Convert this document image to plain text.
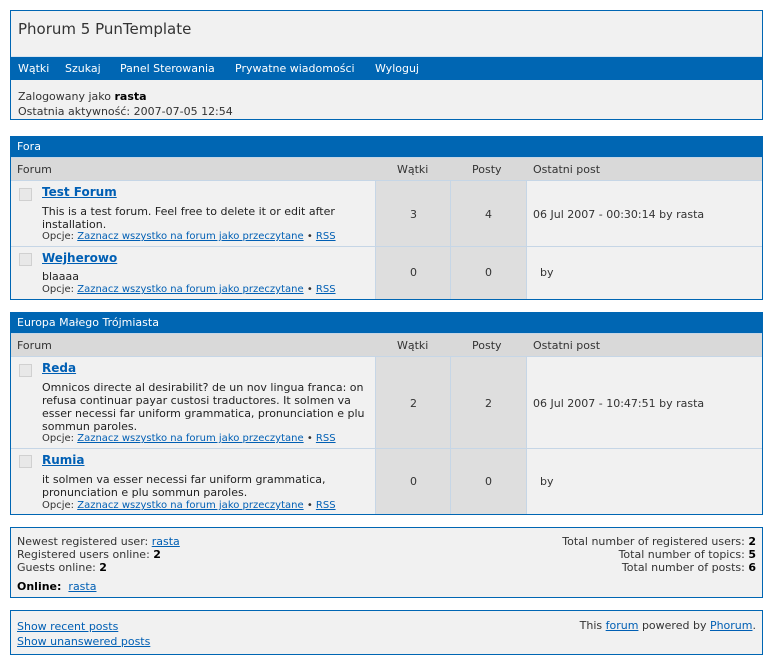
Phorum 5 PunTemplate
Wątki Szukaj Panel Sterowania Prywatne wiadomości Wyloguj
Zalogowany jako rasta
Ostatnia aktywność: 2007-07-05 12:54
Fora
Forum	Wątki	Posty	Ostatni post
Test Forum
This is a test forum. Feel free to delete it or edit after installation.
Opcje: Zaznacz wszystko na forum jako przeczytane • RSS
3	4	06 Jul 2007 - 00:30:14 by rasta
Wejherowo
blaaaa
Opcje: Zaznacz wszystko na forum jako przeczytane • RSS
0	0	by
Europa Małego Trójmiasta
Forum	Wątki	Posty	Ostatni post
Reda
Omnicos directe al desirabilit? de un nov lingua franca: on refusa continuar payar custosi traductores. It solmen va esser necessi far uniform grammatica, pronunciation e plu sommun paroles.
Opcje: Zaznacz wszystko na forum jako przeczytane • RSS
2	2	06 Jul 2007 - 10:47:51 by rasta
Rumia
it solmen va esser necessi far uniform grammatica, pronunciation e plu sommun paroles.
Opcje: Zaznacz wszystko na forum jako przeczytane • RSS
0	0	by
Newest registered user: rasta
Registered users online: 2
Guests online: 2
Total number of registered users: 2
Total number of topics: 5
Total number of posts: 6
Online: rasta
Show recent posts
Show unanswered posts
This forum powered by Phorum.
